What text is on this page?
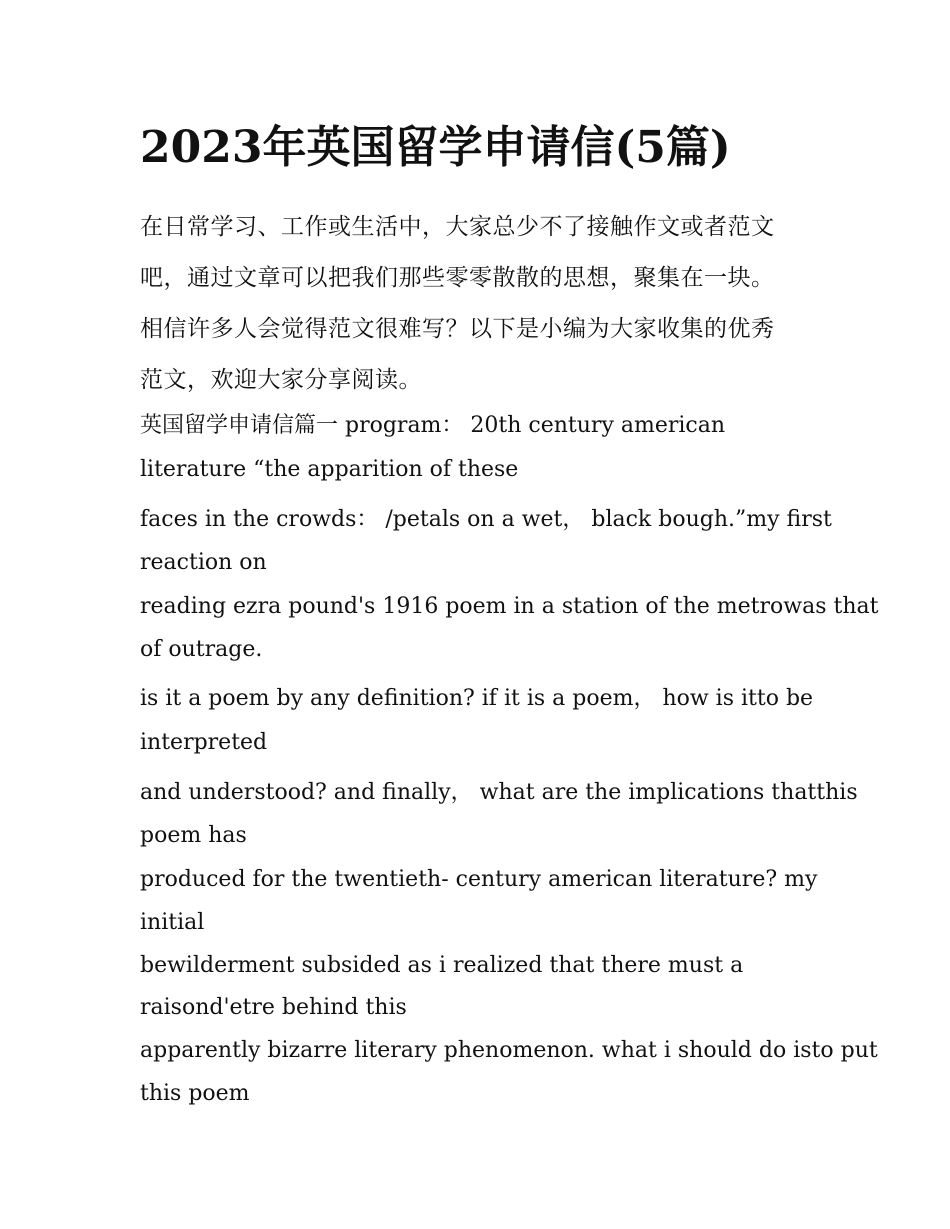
2023年英国留学申请信(5篇)
在日常学习、工作或生活中，大家总少不了接触作文或者范文
吧，通过文章可以把我们那些零零散散的思想，聚集在一块。
相信许多人会觉得范文很难写？以下是小编为大家收集的优秀
范文，欢迎大家分享阅读。
英国留学申请信篇一 program： 20th century american
literature “the apparition of these
faces in the crowds： /petals on a wet， black bough.”my first
reaction on
reading ezra pound's 1916 poem in a station of the metrowas that
of outrage.
is it a poem by any definition? if it is a poem， how is itto be
interpreted
and understood? and finally， what are the implications thatthis
poem has
produced for the twentieth- century american literature? my
initial
bewilderment subsided as i realized that there must a
raisond'etre behind this
apparently bizarre literary phenomenon. what i should do isto put
this poem
